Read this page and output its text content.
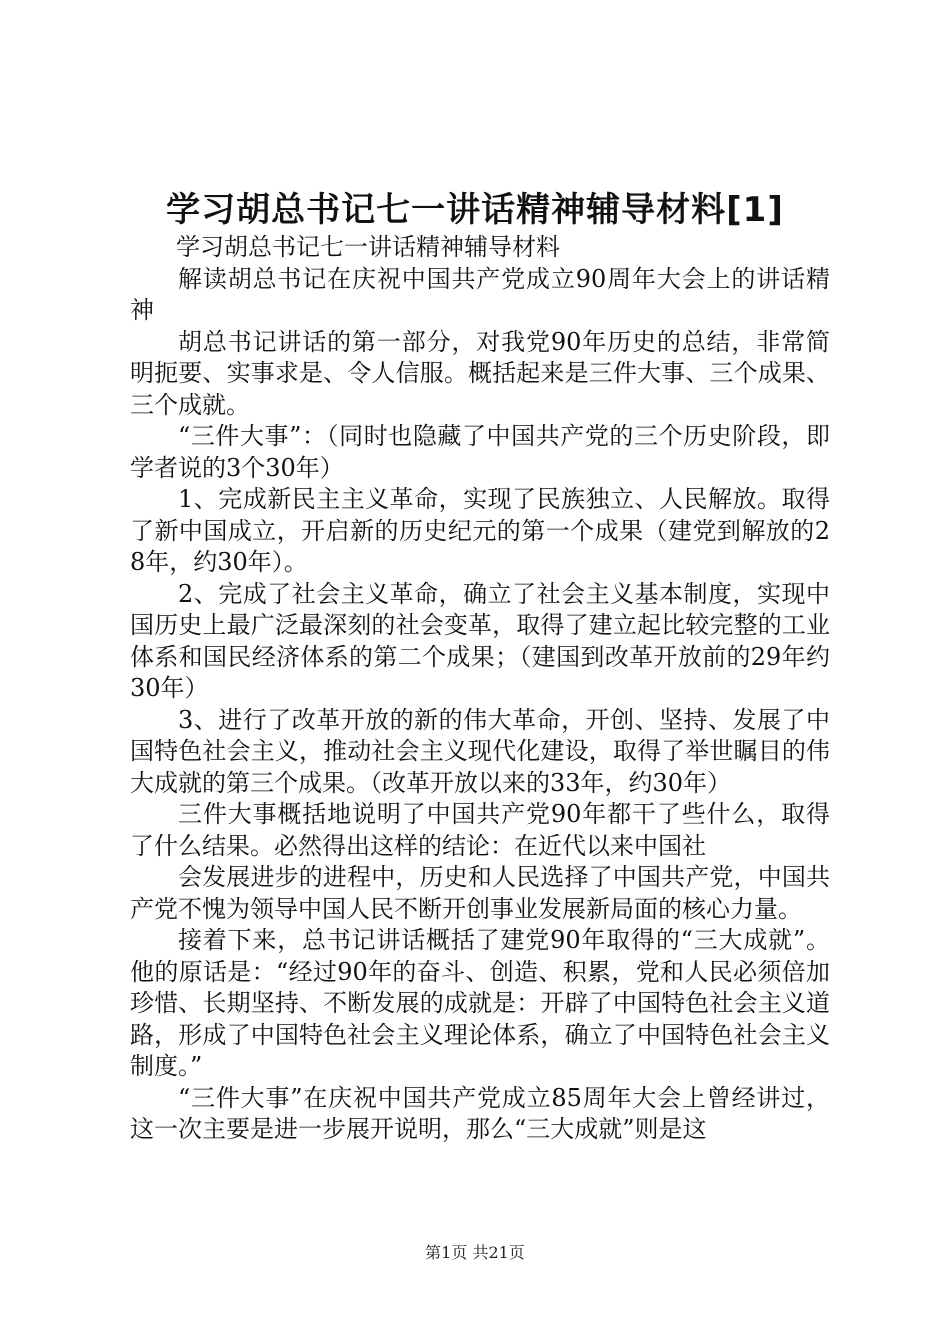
学习胡总书记七一讲话精神辅导材料[1]

学习胡总书记七一讲话精神辅导材料

解读胡总书记在庆祝中国共产党成立90周年大会上的讲话精神

胡总书记讲话的第一部分，对我党90年历史的总结，非常简明扼要、实事求是、令人信服。概括起来是三件大事、三个成果、三个成就。

“三件大事”：（同时也隐藏了中国共产党的三个历史阶段，即学者说的3个30年）

1、完成新民主主义革命，实现了民族独立、人民解放。取得了新中国成立，开启新的历史纪元的第一个成果（建党到解放的28年，约30年）。

2、完成了社会主义革命，确立了社会主义基本制度，实现中国历史上最广泛最深刻的社会变革，取得了建立起比较完整的工业体系和国民经济体系的第二个成果；（建国到改革开放前的29年约30年）

3、进行了改革开放的新的伟大革命，开创、坚持、发展了中国特色社会主义，推动社会主义现代化建设，取得了举世瞩目的伟大成就的第三个成果。（改革开放以来的33年，约30年）

三件大事概括地说明了中国共产党90年都干了些什么，取得了什么结果。必然得出这样的结论：在近代以来中国社

会发展进步的进程中，历史和人民选择了中国共产党，中国共产党不愧为领导中国人民不断开创事业发展新局面的核心力量。

接着下来，总书记讲话概括了建党90年取得的“三大成就”。他的原话是：“经过90年的奋斗、创造、积累，党和人民必须倍加珍惜、长期坚持、不断发展的成就是：开辟了中国特色社会主义道路，形成了中国特色社会主义理论体系，确立了中国特色社会主义制度。”

“三件大事”在庆祝中国共产党成立85周年大会上曾经讲过，这一次主要是进一步展开说明，那么“三大成就”则是这

第1页 共21页
